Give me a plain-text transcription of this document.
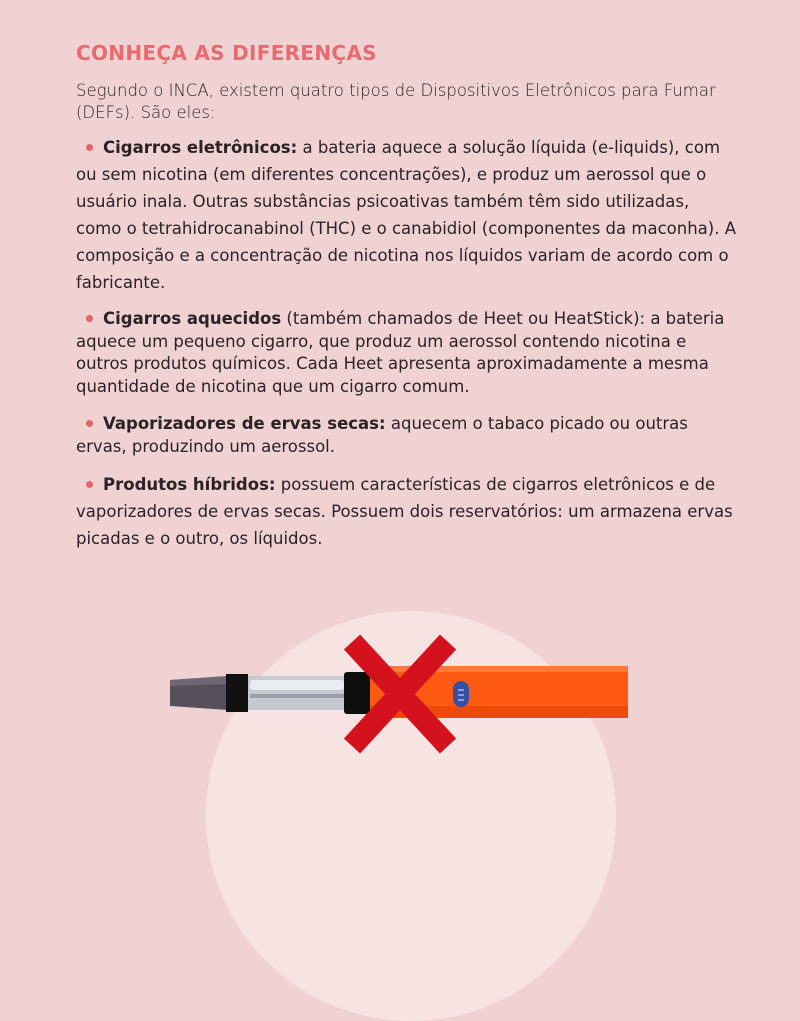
CONHEÇA AS DIFERENÇAS

Segundo o INCA, existem quatro tipos de Dispositivos Eletrônicos para Fumar (DEFs). São eles:

Cigarros eletrônicos: a bateria aquece a solução líquida (e-liquids), com ou sem nicotina (em diferentes concentrações), e produz um aerossol que o usuário inala. Outras substâncias psicoativas também têm sido utilizadas, como o tetrahidrocanabinol (THC) e o canabidiol (componentes da maconha). A composição e a concentração de nicotina nos líquidos variam de acordo com o fabricante.

Cigarros aquecidos (também chamados de Heet ou HeatStick): a bateria aquece um pequeno cigarro, que produz um aerossol contendo nicotina e outros produtos químicos. Cada Heet apresenta aproximadamente a mesma quantidade de nicotina que um cigarro comum.

Vaporizadores de ervas secas: aquecem o tabaco picado ou outras ervas, produzindo um aerossol.

Produtos híbridos: possuem características de cigarros eletrônicos e de vaporizadores de ervas secas. Possuem dois reservatórios: um armazena ervas picadas e o outro, os líquidos.
